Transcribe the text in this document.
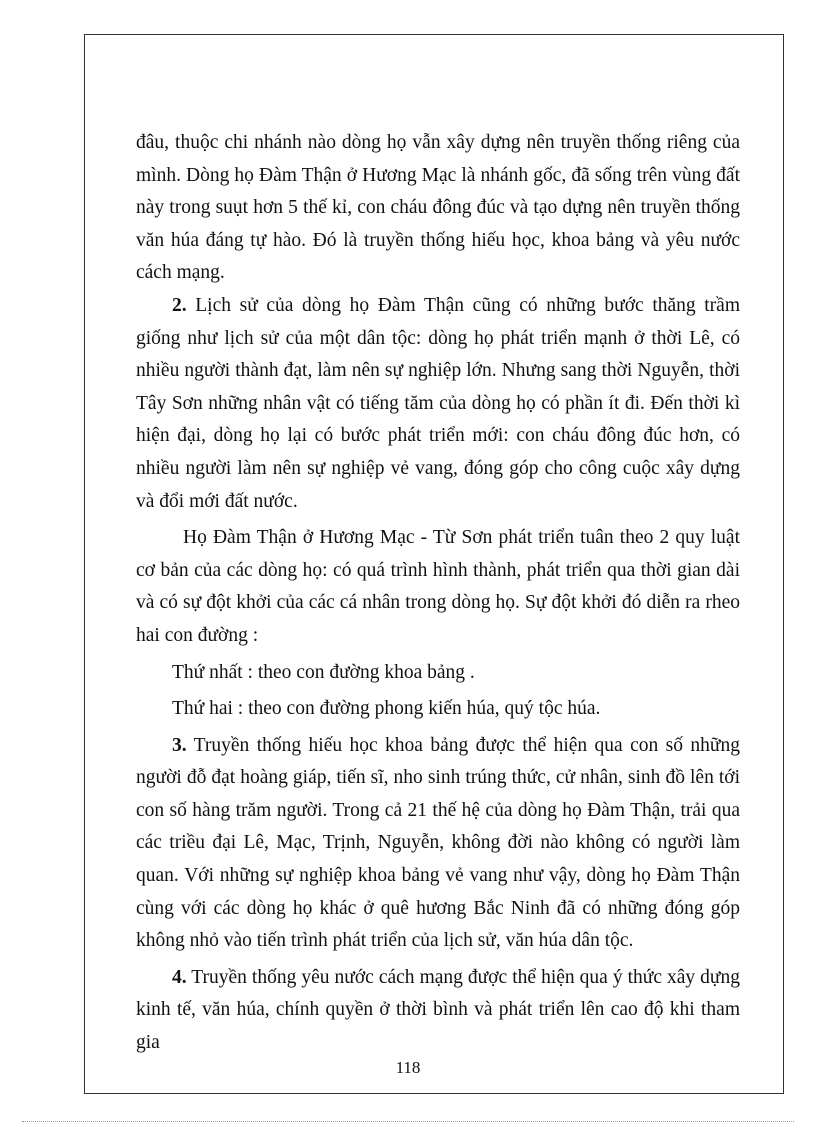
đâu, thuộc chi nhánh nào dòng họ vẫn xây dựng nên truyền thống riêng của mình. Dòng họ Đàm Thận ở Hương Mạc là nhánh gốc, đã sống trên vùng đất này trong suụt hơn 5 thế kỉ, con cháu đông đúc và tạo dựng nên truyền thống văn húa đáng tự hào. Đó là truyền thống hiếu học, khoa bảng và yêu nước cách mạng.

2. Lịch sử của dòng họ Đàm Thận cũng có những bước thăng trầm giống như lịch sử của một dân tộc: dòng họ phát triển mạnh ở thời Lê, có nhiều người thành đạt, làm nên sự nghiệp lớn. Nhưng sang thời Nguyễn, thời Tây Sơn những nhân vật có tiếng tăm của dòng họ có phần ít đi. Đến thời kì hiện đại, dòng họ lại có bước phát triển mới: con cháu đông đúc hơn, có nhiều người làm nên sự nghiệp vẻ vang, đóng góp cho công cuộc xây dựng và đổi mới đất nước.

Họ Đàm Thận ở Hương Mạc - Từ Sơn phát triển tuân theo 2 quy luật cơ bản của các dòng họ: có quá trình hình thành, phát triển qua thời gian dài và có sự đột khởi của các cá nhân trong dòng họ. Sự đột khởi đó diễn ra rheo hai con đường :

Thứ nhất : theo con đường khoa bảng .

Thứ hai : theo con đường phong kiến húa, quý tộc húa.

3. Truyền thống hiếu học khoa bảng được thể hiện qua con số những người đỗ đạt hoàng giáp, tiến sĩ, nho sinh trúng thức, cử nhân, sinh đồ lên tới con số hàng trăm người. Trong cả 21 thế hệ của dòng họ Đàm Thận, trải qua các triều đại Lê, Mạc, Trịnh, Nguyễn, không đời nào không có người làm quan. Với những sự nghiệp khoa bảng vẻ vang như vậy, dòng họ Đàm Thận cùng với các dòng họ khác ở quê hương Bắc Ninh đã có những đóng góp không nhỏ vào tiến trình phát triển của lịch sử, văn húa dân tộc.

4. Truyền thống yêu nước cách mạng được thể hiện qua ý thức xây dựng kinh tế, văn húa, chính quyền ở thời bình và phát triển lên cao độ khi tham gia

118
